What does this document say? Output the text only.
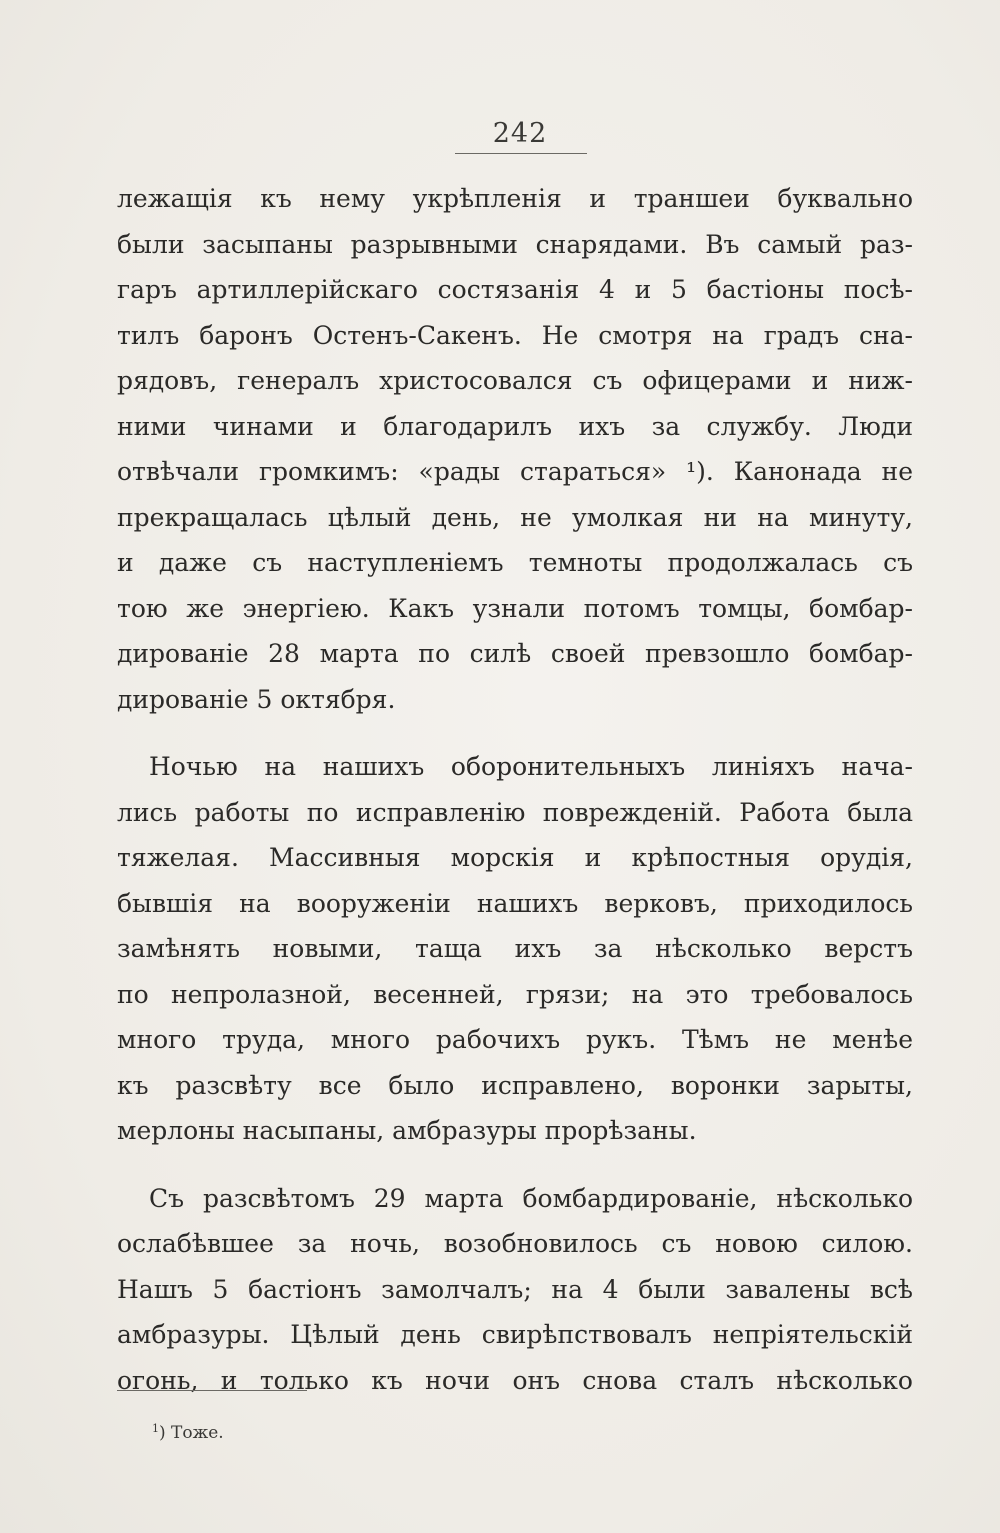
242
лежащія къ нему укрѣпленія и траншеи буквально
были засыпаны разрывными снарядами. Въ самый раз-
гаръ артиллерійскаго состязанія 4 и 5 бастіоны посѣ-
тилъ баронъ Остенъ-Сакенъ. Не смотря на градъ сна-
рядовъ, генералъ христосовался съ офицерами и ниж-
ними чинами и благодарилъ ихъ за службу. Люди
отвѣчали громкимъ: «рады стараться» ¹). Канонада не
прекращалась цѣлый день, не умолкая ни на минуту,
и даже съ наступленіемъ темноты продолжалась съ
тою же энергіею. Какъ узнали потомъ томцы, бомбар-
дированіе 28 марта по силѣ своей превзошло бомбар-
дированіе 5 октября.
Ночью на нашихъ оборонительныхъ линіяхъ нача-
лись работы по исправленію поврежденій. Работа была
тяжелая. Массивныя морскія и крѣпостныя орудія,
бывшія на вооруженіи нашихъ верковъ, приходилось
замѣнять новыми, таща ихъ за нѣсколько верстъ
по непролазной, весенней, грязи; на это требовалось
много труда, много рабочихъ рукъ. Тѣмъ не менѣе
къ разсвѣту все было исправлено, воронки зарыты,
мерлоны насыпаны, амбразуры прорѣзаны.
Съ разсвѣтомъ 29 марта бомбардированіе, нѣсколько
ослабѣвшее за ночь, возобновилось съ новою силою.
Нашъ 5 бастіонъ замолчалъ; на 4 были завалены всѣ
амбразуры. Цѣлый день свирѣпствовалъ непріятельскій
огонь, и только къ ночи онъ снова сталъ нѣсколько
$^1$) Тоже.
